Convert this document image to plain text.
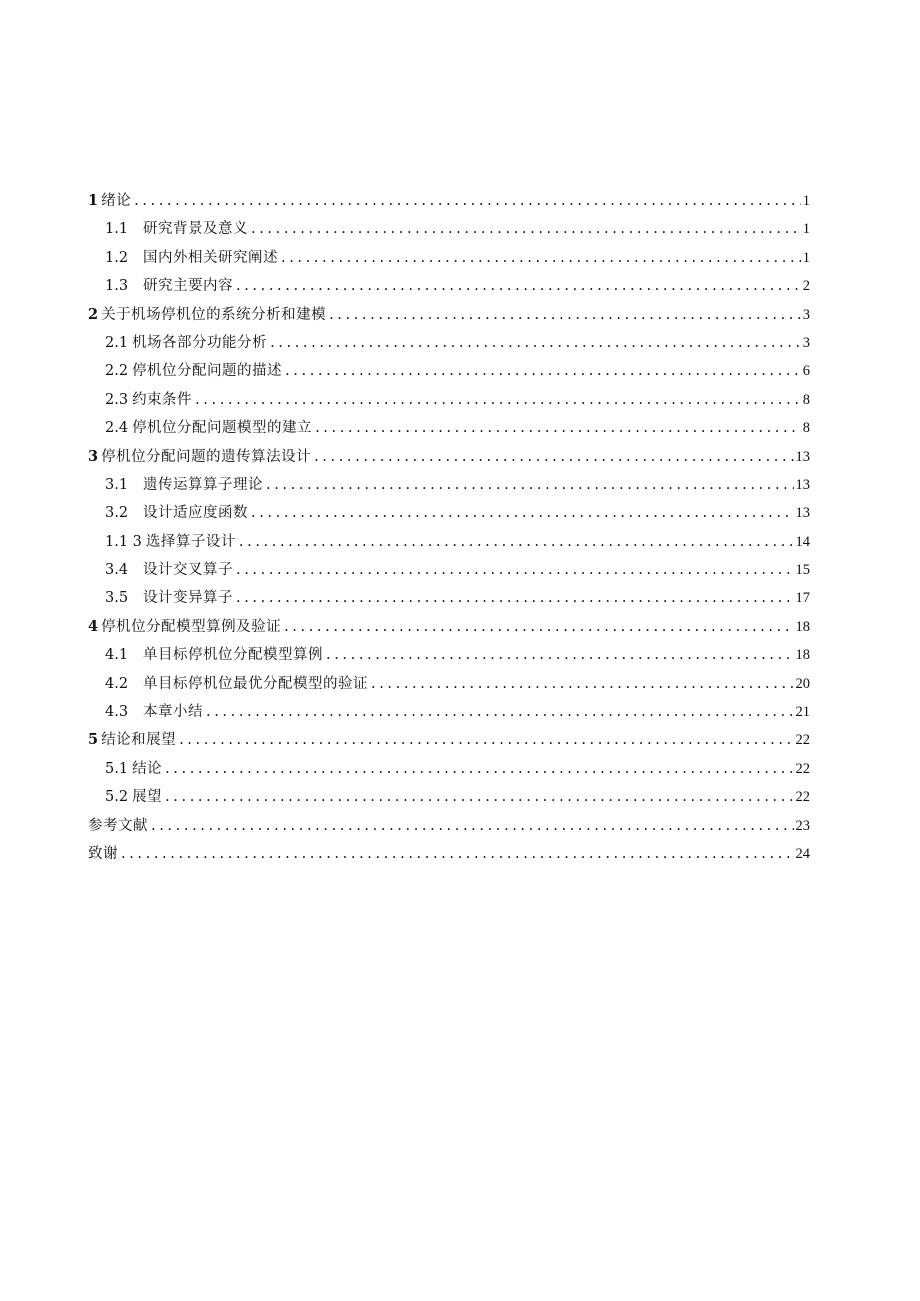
1 绪论 .....	1
1.1	研究背景及意义 .....	1
1.2	国内外相关研究阐述 .....	1
1.3	研究主要内容 .....	2
2 关于机场停机位的系统分析和建模 .....	3
2.1 机场各部分功能分析 .....	3
2.2 停机位分配问题的描述 .....	6
2.3 约束条件 .....	8
2.4 停机位分配问题模型的建立 .....	8
3 停机位分配问题的遗传算法设计 .....	13
3.1	遗传运算算子理论 .....	13
3.2	设计适应度函数 .....	13
1.1 3 选择算子设计 .....	14
3.4	设计交叉算子 .....	15
3.5	设计变异算子 .....	17
4 停机位分配模型算例及验证 .....	18
4.1	单目标停机位分配模型算例 .....	18
4.2	单目标停机位最优分配模型的验证 .....	20
4.3	本章小结 .....	21
5 结论和展望 .....	22
5.1 结论 .....	22
5.2 展望 .....	22
参考文献 .....	23
致谢 .....	24
